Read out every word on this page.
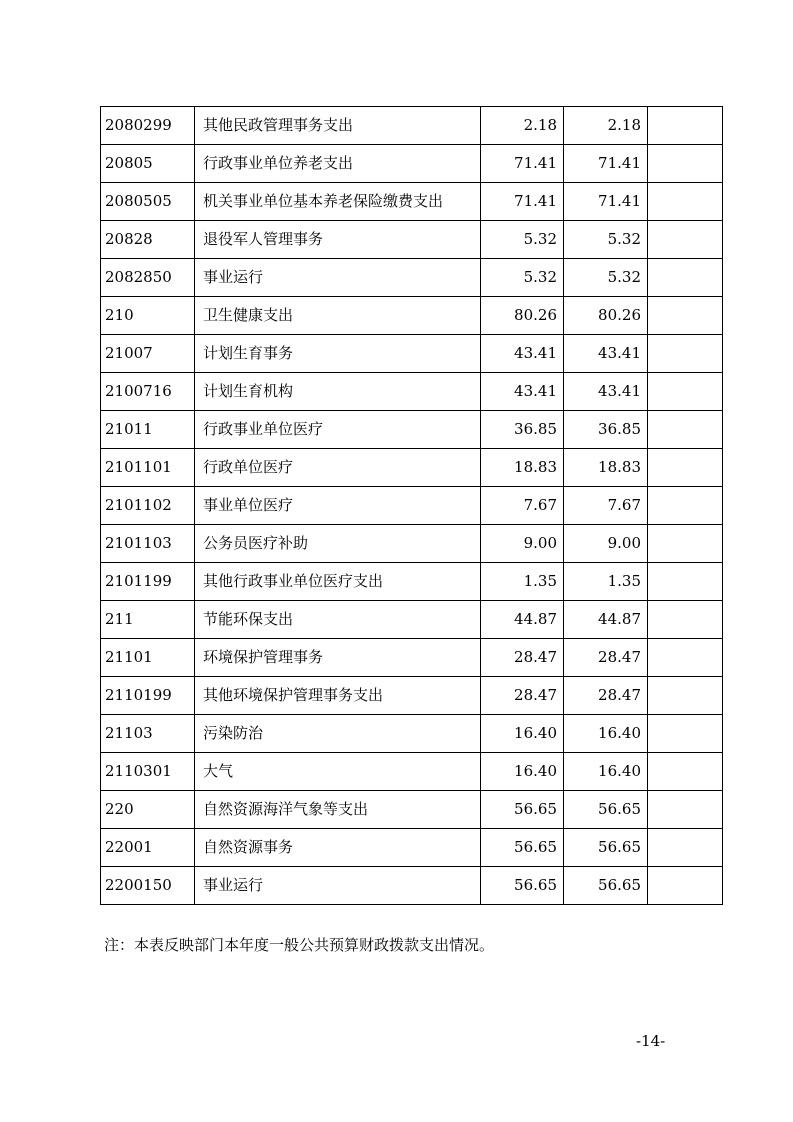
2080299	其他民政管理事务支出	2.18	2.18	
20805	行政事业单位养老支出	71.41	71.41	
2080505	机关事业单位基本养老保险缴费支出	71.41	71.41	
20828	退役军人管理事务	5.32	5.32	
2082850	事业运行	5.32	5.32	
210	卫生健康支出	80.26	80.26	
21007	计划生育事务	43.41	43.41	
2100716	计划生育机构	43.41	43.41	
21011	行政事业单位医疗	36.85	36.85	
2101101	行政单位医疗	18.83	18.83	
2101102	事业单位医疗	7.67	7.67	
2101103	公务员医疗补助	9.00	9.00	
2101199	其他行政事业单位医疗支出	1.35	1.35	
211	节能环保支出	44.87	44.87	
21101	环境保护管理事务	28.47	28.47	
2110199	其他环境保护管理事务支出	28.47	28.47	
21103	污染防治	16.40	16.40	
2110301	大气	16.40	16.40	
220	自然资源海洋气象等支出	56.65	56.65	
22001	自然资源事务	56.65	56.65	
2200150	事业运行	56.65	56.65	
注：本表反映部门本年度一般公共预算财政拨款支出情况。
-14-
